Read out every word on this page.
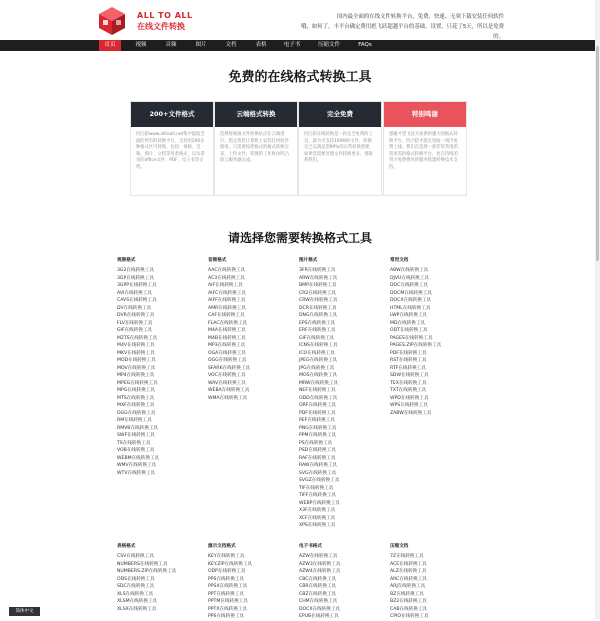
ALL TO ALL
在线文件转换
国内最全面的在线文件转换平台，免费、快速、无须下载安装任何软件
哦，如何了，丰平台确定费用彪飞跃超越平台的基础，设置，只花了5天，所以是免费的。
首页	视频	音频	图片	文档	表格	电子书	压缩文件	FAQs
免费的在线格式转换工具
200+文件格式
凹凸防www.alltoall.net集中提取全面的所有的转换平台，支持的200多种格式区可转换，包括：视频、音频、图片、文档等各类格式，以及常见的office文件、PDF、电子书等文档。
云端格式转换
选择将视频文件转换站点在云端进行，借完将您计算机上安装任何软件使用，只需要按您格式的格式转换完来，上传文件，转换的工作将由凹凸防云服务器完成。
完全免费
凹凸防在线转换是一款完全免费的工具，最大可支持100M的文件，转换完已以满足您99%的日常转换需要，如果您需要处理文件转换更多，请联系我们。
特别鸣谢
感谢才望飞技方面供的强大的格式转换平台，凹凸防才能在短短一周内免费上线。我们在选择一款非常常用的适用需的格式转换平台，也在持续的努力免费费用的服务搭建转换技术支持。
请选择您需要转换格式工具
视频格式
3G2在线转换工具
3GP在线转换工具
3GPP在线转换工具
AVI在线转换工具
CAVS在线转换工具
DV在线转换工具
DVR在线转换工具
FLV在线转换工具
GIF在线转换工具
M2TS在线转换工具
M4V在线转换工具
MKV在线转换工具
MOD在线转换工具
MOV在线转换工具
MP4在线转换工具
MPEG在线转换工具
MPG在线转换工具
MTS在线转换工具
MXF在线转换工具
OGG在线转换工具
RM在线转换工具
RMVB在线转换工具
SWF在线转换工具
TS在线转换工具
VOB在线转换工具
WEBM在线转换工具
WMV在线转换工具
WTV在线转换工具
音频格式
AAC在线转换工具
AC3在线转换工具
AIF在线转换工具
AIFC在线转换工具
AIFF在线转换工具
AMR在线转换工具
CAF在线转换工具
FLAC在线转换工具
M4A在线转换工具
M4B在线转换工具
MP3在线转换工具
OGA在线转换工具
OGG在线转换工具
SFARK在线转换工具
VOC在线转换工具
WAV在线转换工具
WEBA在线转换工具
WMA在线转换工具
图片格式
3FR在线转换工具
ARW在线转换工具
BMP在线转换工具
CR2在线转换工具
CRW在线转换工具
DCR在线转换工具
DNG在线转换工具
EPS在线转换工具
ERF在线转换工具
GIF在线转换工具
ICNS在线转换工具
ICO在线转换工具
JPEG在线转换工具
JPG在线转换工具
MOS在线转换工具
MRW在线转换工具
NEF在线转换工具
ODD在线转换工具
ORF在线转换工具
PDF在线转换工具
PEF在线转换工具
PNG在线转换工具
PPM在线转换工具
PS在线转换工具
PSD在线转换工具
RAF在线转换工具
RAW在线转换工具
SVG在线转换工具
SVGZ在线转换工具
TIF在线转换工具
TIFF在线转换工具
WEBP在线转换工具
X3F在线转换工具
XCF在线转换工具
XPS在线转换工具
常用文档
ABW在线转换工具
DJVU在线转换工具
DOC在线转换工具
DOCM在线转换工具
DOCX在线转换工具
HTML在线转换工具
LWP在线转换工具
MD在线转换工具
ODT在线转换工具
PAGES在线转换工具
PAGES.ZIP在线转换工具
PDF在线转换工具
RST在线转换工具
RTF在线转换工具
SDW在线转换工具
TEX在线转换工具
TXT在线转换工具
WPD在线转换工具
WPS在线转换工具
ZABW在线转换工具
表格格式
CSV在线转换工具
NUMBERS在线转换工具
NUMBERS.ZIP在线转换工具
ODS在线转换工具
SDC在线转换工具
XLS在线转换工具
XLSM在线转换工具
XLSX在线转换工具
演示文档格式
KEY在线转换工具
KEY.ZIP在线转换工具
ODP在线转换工具
PPS在线转换工具
PPSX在线转换工具
PPT在线转换工具
PPTM在线转换工具
PPTX在线转换工具
PPS在线转换工具
电子书格式
AZW在线转换工具
AZW3在线转换工具
AZW4在线转换工具
CBC在线转换工具
CBR在线转换工具
CBZ在线转换工具
CHM在线转换工具
DOCX在线转换工具
EPUB在线转换工具
压缩文档
7Z在线转换工具
ACE在线转换工具
ALZ在线转换工具
ARC在线转换工具
ARJ在线转换工具
BZ在线转换工具
BZ2在线转换工具
CAB在线转换工具
CPIO在线转换工具
简体中文
